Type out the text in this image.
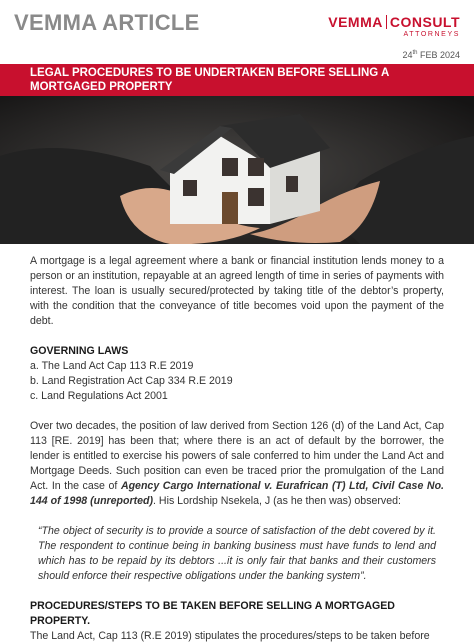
VEMMA ARTICLE	VEMMA CONSULT
ATTORNEYS
24th FEB 2024
LEGAL PROCEDURES TO BE UNDERTAKEN BEFORE SELLING A
MORTGAGED PROPERTY

A mortgage is a legal agreement where a bank or financial institution lends money to a person or an institution, repayable at an agreed length of time in series of payments with interest. The loan is usually secured/protected by taking title of the debtor’s property, with the condition that the conveyance of title becomes void upon the payment of the debt.

GOVERNING LAWS
a. The Land Act Cap 113 R.E 2019
b. Land Registration Act Cap 334 R.E 2019
c. Land Regulations Act 2001

Over two decades, the position of law derived from Section 126 (d) of the Land Act, Cap 113 [RE. 2019] has been that; where there is an act of default by the borrower, the lender is entitled to exercise his powers of sale conferred to him under the Land Act and Mortgage Deeds. Such position can even be traced prior the promulgation of the Land Act. In the case of Agency Cargo International v. Eurafrican (T) Ltd, Civil Case No. 144 of 1998 (unreported). His Lordship Nsekela, J (as he then was) observed:

“The object of security is to provide a source of satisfaction of the debt covered by it. The respondent to continue being in banking business must have funds to lend and which has to be repaid by its debtors ...it is only fair that banks and their customers should enforce their respective obligations under the banking system”.

PROCEDURES/STEPS TO BE TAKEN BEFORE SELLING A MORTGAGED PROPERTY.

The Land Act, Cap 113 (R.E 2019) stipulates the procedures/steps to be taken before
